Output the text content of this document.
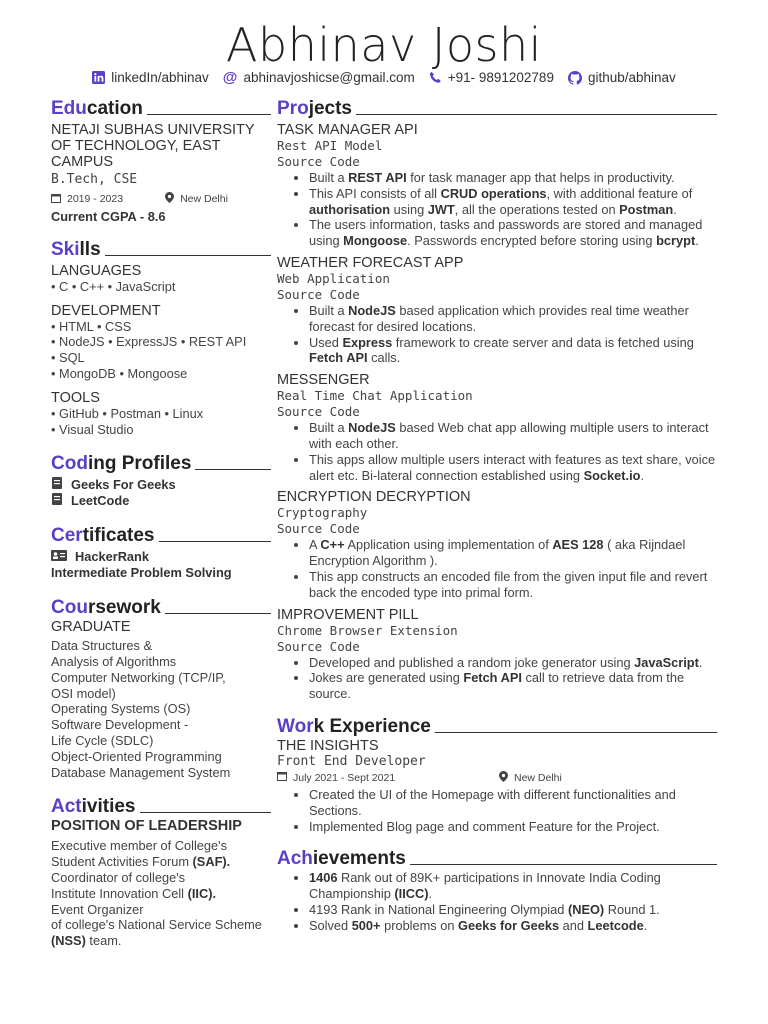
Abhinav Joshi
linkedIn/abhinav @ abhinavjoshicse@gmail.com +91- 9891202789	github/abhinav
Edu cation
NETAJI SUBHAS UNIVERSITY OF TECHNOLOGY, EAST CAMPUS
B.Tech, CSE
2019 - 2023	New Delhi
Current CGPA - 8.6
Ski lls
LANGUAGES
• C • C++ • JavaScript
DEVELOPMENT
• HTML • CSS
• NodeJS • ExpressJS • REST API
• SQL
• MongoDB • Mongoose
TOOLS
• GitHub • Postman • Linux
• Visual Studio
Cod ing Profiles
Geeks For Geeks
LeetCode
Cer tificates
HackerRank
Intermediate Problem Solving
Cou rsework
GRADUATE
Data Structures &
Analysis of Algorithms
Computer Networking (TCP/IP,
OSI model)
Operating Systems (OS)
Software Development -
Life Cycle (SDLC)
Object-Oriented Programming
Database Management System
Act ivities
POSITION OF LEADERSHIP
Executive member of College's
Student Activities Forum (SAF).
Coordinator of college's
Institute Innovation Cell (IIC).
Event Organizer
of college's National Service Scheme
(NSS) team.
Pro jects
TASK MANAGER API
Rest API Model
Source Code
• Built a REST API for task manager app that helps in productivity.
• This API consists of all CRUD operations, with additional feature of authorisation using JWT, all the operations tested on Postman.
• The users information, tasks and passwords are stored and managed using Mongoose. Passwords encrypted before storing using bcrypt.
WEATHER FORECAST APP
Web Application
Source Code
• Built a NodeJS based application which provides real time weather forecast for desired locations.
• Used Express framework to create server and data is fetched using Fetch API calls.
MESSENGER
Real Time Chat Application
Source Code
• Built a NodeJS based Web chat app allowing multiple users to interact with each other.
• This apps allow multiple users interact with features as text share, voice alert etc. Bi-lateral connection established using Socket.io.
ENCRYPTION DECRYPTION
Cryptography
Source Code
• A C++ Application using implementation of AES 128 ( aka Rijndael Encryption Algorithm ).
• This app constructs an encoded file from the given input file and revert back the encoded type into primal form.
IMPROVEMENT PILL
Chrome Browser Extension
Source Code
• Developed and published a random joke generator using JavaScript.
• Jokes are generated using Fetch API call to retrieve data from the source.
Wor k Experience
THE INSIGHTS
Front End Developer
July 2021 - Sept 2021	New Delhi
• Created the UI of the Homepage with different functionalities and Sections.
• Implemented Blog page and comment Feature for the Project.
Ach ievements
• 1406 Rank out of 89K+ participations in Innovate India Coding Championship (IICC).
• 4193 Rank in National Engineering Olympiad (NEO) Round 1.
• Solved 500+ problems on Geeks for Geeks and Leetcode.
